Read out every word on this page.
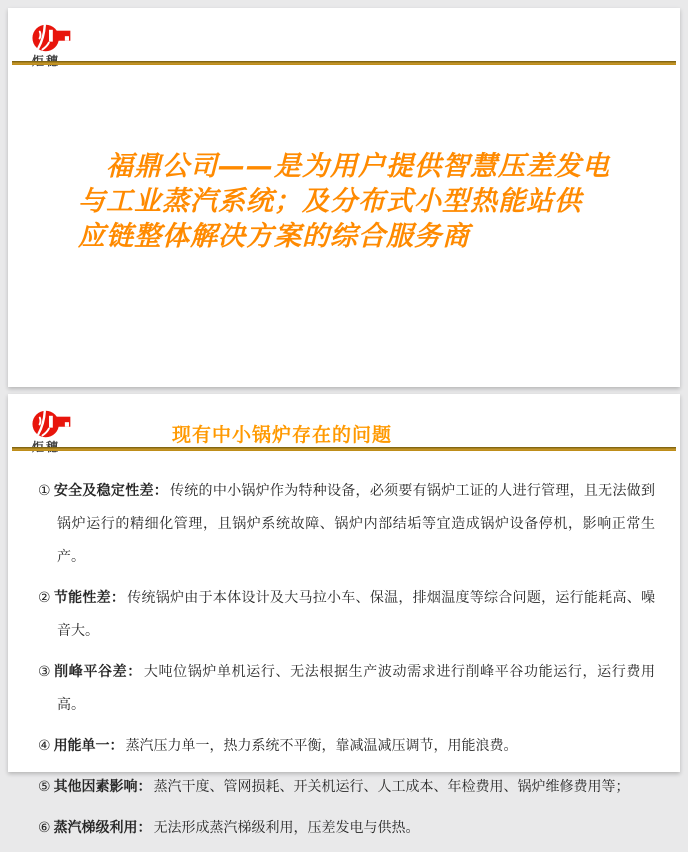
福鼎公司——是为用户提供智慧压差发电
与工业蒸汽系统；及分布式小型热能站供
应链整体解决方案的综合服务商
现有中小锅炉存在的问题

① 安全及稳定性差： 传统的中小锅炉作为特种设备，必须要有锅炉工证的人进行管理，且无法做到锅炉运行的精细化管理，且锅炉系统故障、锅炉内部结垢等宜造成锅炉设备停机，影响正常生产。

② 节能性差： 传统锅炉由于本体设计及大马拉小车、保温，排烟温度等综合问题，运行能耗高、噪音大。

③ 削峰平谷差： 大吨位锅炉单机运行、无法根据生产波动需求进行削峰平谷功能运行，运行费用高。

④ 用能单一： 蒸汽压力单一，热力系统不平衡，靠减温减压调节，用能浪费。

⑤ 其他因素影响： 蒸汽干度、管网损耗、开关机运行、人工成本、年检费用、锅炉维修费用等；

⑥ 蒸汽梯级利用： 无法形成蒸汽梯级利用，压差发电与供热。
